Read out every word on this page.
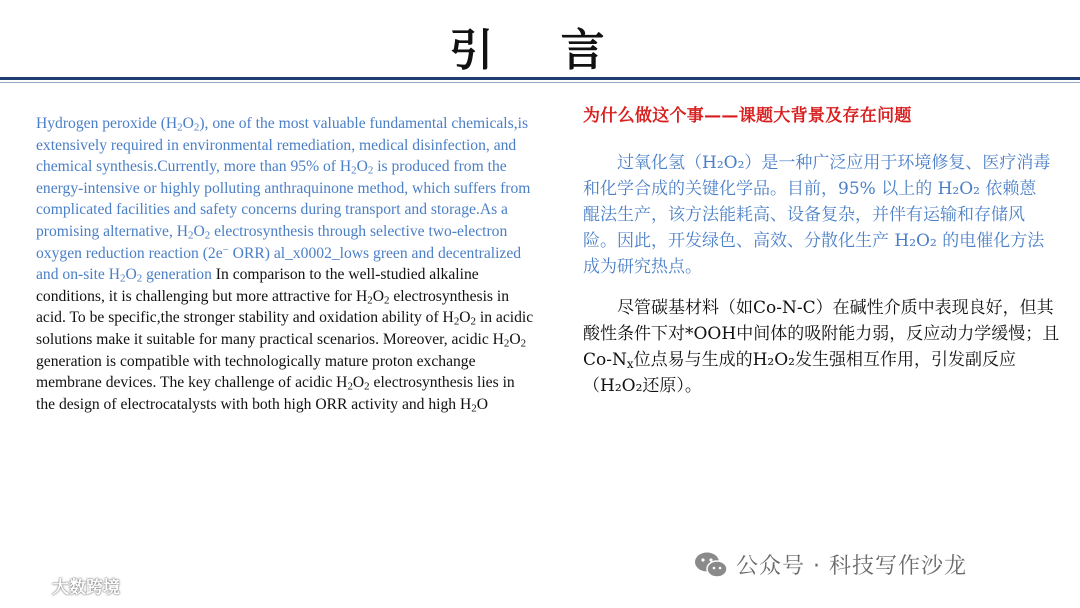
引 言
Hydrogen peroxide $(H_2O_2)$, one of the most valuable fundamental chemicals,is extensively required in environmental remediation, medical disinfection, and chemical synthesis.Currently, more than 95% of $H_2O_2$ is produced from the energy-intensive or highly polluting anthraquinone method, which suffers from complicated facilities and safety concerns during transport and storage.As a promising alternative, $H_2O_2$ electrosynthesis through selective two-electron oxygen reduction reaction (2e− ORR) al_x0002_lows green and decentralized and on-site $H_2O_2$ generation In comparison to the well-studied alkaline conditions, it is challenging but more attractive for $H_2O_2$ electrosynthesis in acid. To be specific,the stronger stability and oxidation ability of $H_2O_2$ in acidic solutions make it suitable for many practical scenarios. Moreover, acidic $H_2O_2$ generation is compatible with technologically mature proton exchange membrane devices. The key challenge of acidic $H_2O_2$ electrosynthesis lies in the design of electrocatalysts with both high ORR activity and high $H_2O$
为什么做这个事——课题大背景及存在问题
过氧化氢（H₂O₂）是一种广泛应用于环境修复、医疗消毒和化学合成的关键化学品。目前，95% 以上的 H₂O₂ 依赖蒽醌法生产，该方法能耗高、设备复杂，并伴有运输和存储风险。因此，开发绿色、高效、分散化生产 H₂O₂ 的电催化方法成为研究热点。
尽管碳基材料（如Co-N-C）在碱性介质中表现良好，但其酸性条件下对*OOH中间体的吸附能力弱，反应动力学缓慢；且$Co-N_x$位点易与生成的H₂O₂发生强相互作用，引发副反应（H₂O₂还原）。
公众号 · 科技写作沙龙
大数跨境
